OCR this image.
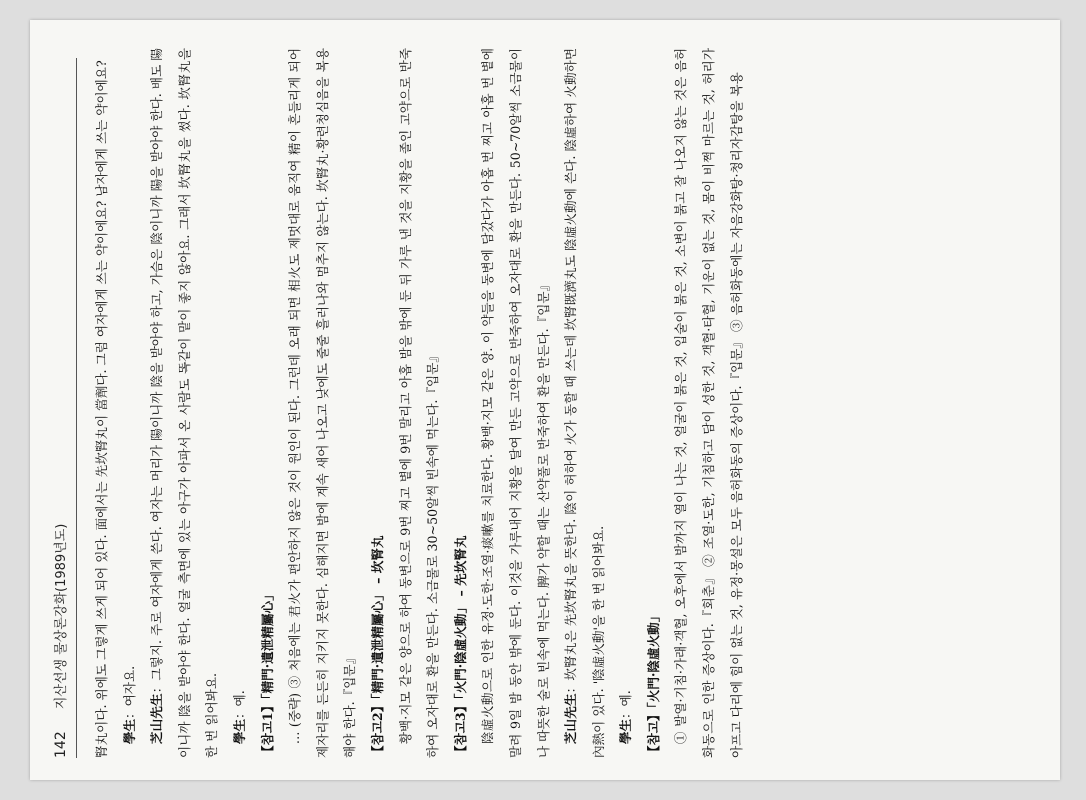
142 지산선생 물상론강화(1989년도)	腎丸이다. 위에도 그렇게 쓰게 되어 있다. 面에서는 先坎腎丸이 當劑다. 그럼 여자에게 쓰는 약이에요? 남자에게 쓰는 약이에요? 學生：여자요. 芝山先生：그렇지. 주로 여자에게 쓴다. 여자는 머리가 陽이니까 陰을 받아야 하고, 가슴은 陰이니까 陽을 받아야 한다. 배도 陽이니까 陰을 받아야 한다. 얼굴 측면에 있는 아구가 아파서 온 사람도 똑같이 맡이 좋지 않아요. 그래서 坎腎丸을 썼다. 坎腎丸을 한 번 읽어봐요. 學生：예. 【참고1】「精門·遺泄精屬心」 … (중략) ③ 처음에는 君火가 편안하지 않은 것이 원인이 된다. 그런데 오래 되면 相火도 제멋대로 움직여 精이 흔들리게 되어 제자리를 든든히 지키지 못한다. 심해지면 밤에 계속 새어 나오고 낮에도 줄줄 흘러나와 멈추지 않는다. 坎腎丸·황련청심음을 복용해야 한다.『입문』 【참고2】「精門·遺泄精屬心」 – 坎腎丸 황백·지모 같은 양으로 하여 동변으로 9번 찌고 볕에 9번 말리고 아홉 밤을 밖에 둔 뒤 가루 낸 것을 지황을 졸인 고약으로 반죽하여 오자대로 환을 만든다. 소금물로 30~50알씩 빈속에 먹는다.『입문』 【참고3】「火門·陰虛火動」 – 先坎腎丸 陰虛火動으로 인한 유정·도한·조열·痰嗽를 치료한다. 황백·지모 같은 양. 이 약들을 동변에 담갔다가 아홉 번 찌고 아홉 번 볕에 말려 9일 밤 동안 밖에 둔다. 이것을 가루내어 지황을 달여 만든 고약으로 반죽하여 오자대로 환을 만든다. 50~70알씩 소금물이나 따뜻한 술로 빈속에 먹는다. 脾가 약할 때는 산약풀로 반죽하여 환을 만든다.『입문』 芝山先生：坎腎丸은 先坎腎丸을 뜻한다. 陰이 허하여 火가 동할 때 쓰는데 坎腎既濟丸도 陰虛火動에 쓴다. 陰虛하여 火動하면 內熱이 있다. '陰虛火動'을 한 번 읽어봐요. 學生：예. 【참고】「火門·陰虛火動」 ① 발열·기침·가래·객혈, 오후에서 밤까지 열이 나는 것, 얼굴이 붉은 것, 입술이 붉은 것, 소변이 붉고 잘 나오지 않는 것은 음허화동으로 인한 증상이다.『회춘』 ② 조열·도한, 기침하고 담이 성한 것, 객혈·타혈, 기운이 없는 것, 몸이 비쩍 마르는 것, 허리가 아프고 다리에 힘이 없는 것, 유정·몽설은 모두 음허화동의 증상이다.『입문』 ③ 음허화동에는 자음강화탕·청리자감탕을 복용
